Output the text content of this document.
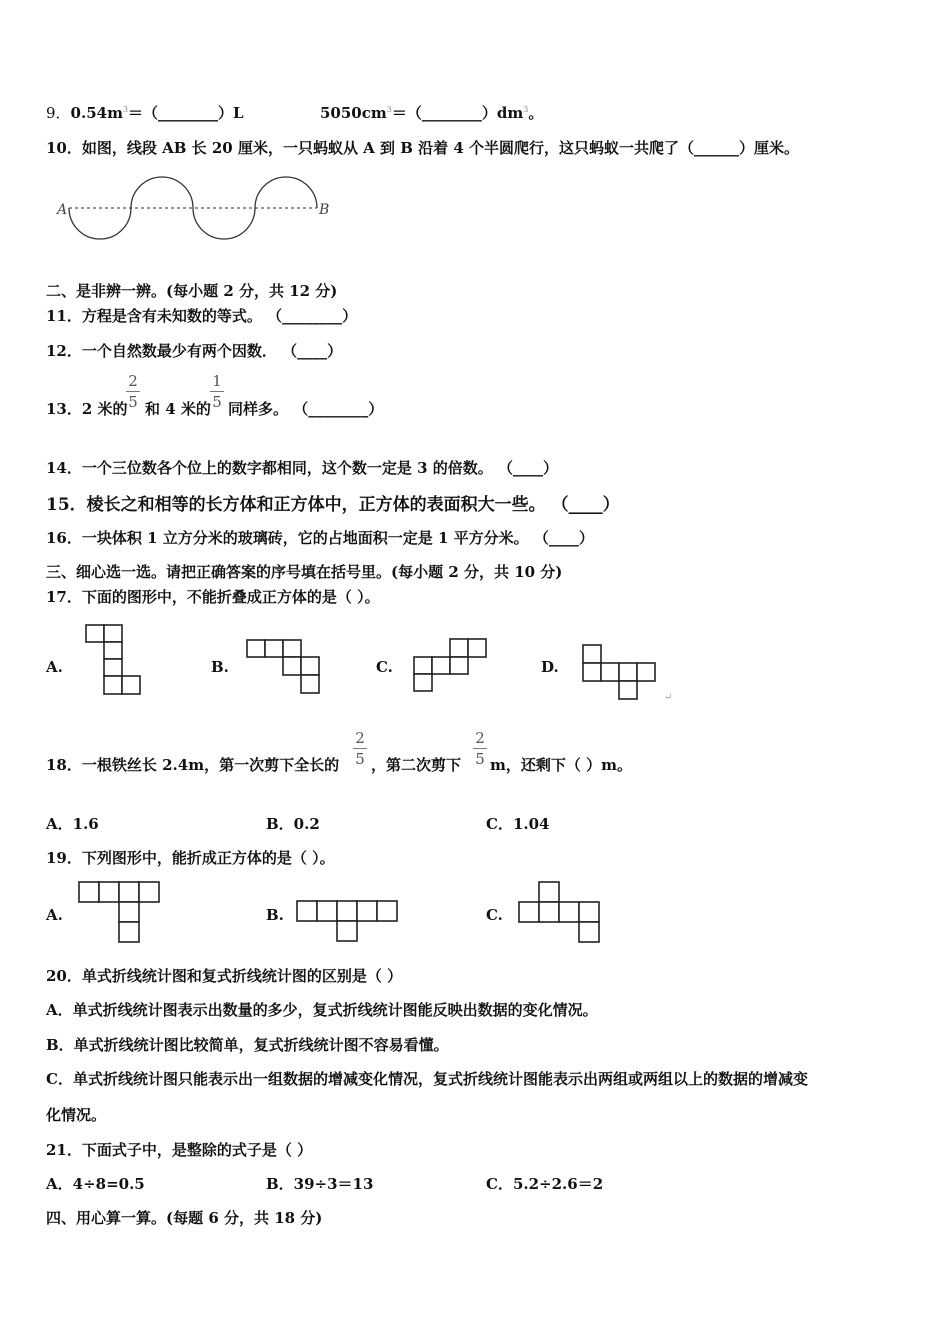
9．$0.54m^3=(\_\_\_\_\_\_\_\_)L$	$5050cm^3=(\_\_\_\_\_\_\_\_)dm^3$。
10．如图，线段 AB 长 20 厘米，一只蚂蚁从 A 到 B 沿着 4 个半圆爬行，这只蚂蚁一共爬了（______）厘米。
A	B
二、是非辨一辨。(每小题 2 分，共 12 分)
11．方程是含有未知数的等式。 （________）
12．一个自然数最少有两个因数． （____）
13．2 米的
2
5 和 4 米的
1
5 同样多。 （________）
14．一个三位数各个位上的数字都相同，这个数一定是 3 的倍数。 （____）
15．棱长之和相等的长方体和正方体中，正方体的表面积大一些。 （____）
16．一块体积 1 立方分米的玻璃砖，它的占地面积一定是 1 平方分米。 （____）
三、细心选一选。请把正确答案的序号填在括号里。(每小题 2 分，共 10 分)
17．下面的图形中，不能折叠成正方体的是（ ）。
A.	B.	C.	D.
↵
18．一根铁丝长 2.4m，第一次剪下全长的
2
5 ，第二次剪下
2
5 m，还剩下（ ）m。
A．1.6	B．0.2	C．1.04
19．下列图形中，能折成正方体的是（ ）。
A.	B.	C.
20．单式折线统计图和复式折线统计图的区别是（ ）
A．单式折线统计图表示出数量的多少，复式折线统计图能反映出数据的变化情况。
B．单式折线统计图比较简单，复式折线统计图不容易看懂。
C．单式折线统计图只能表示出一组数据的增减变化情况，复式折线统计图能表示出两组或两组以上的数据的增减变
化情况。
21．下面式子中，是整除的式子是（ ）
A．4÷8=0.5	B．39÷3＝13	C．5.2÷2.6＝2
四、用心算一算。(每题 6 分，共 18 分)
